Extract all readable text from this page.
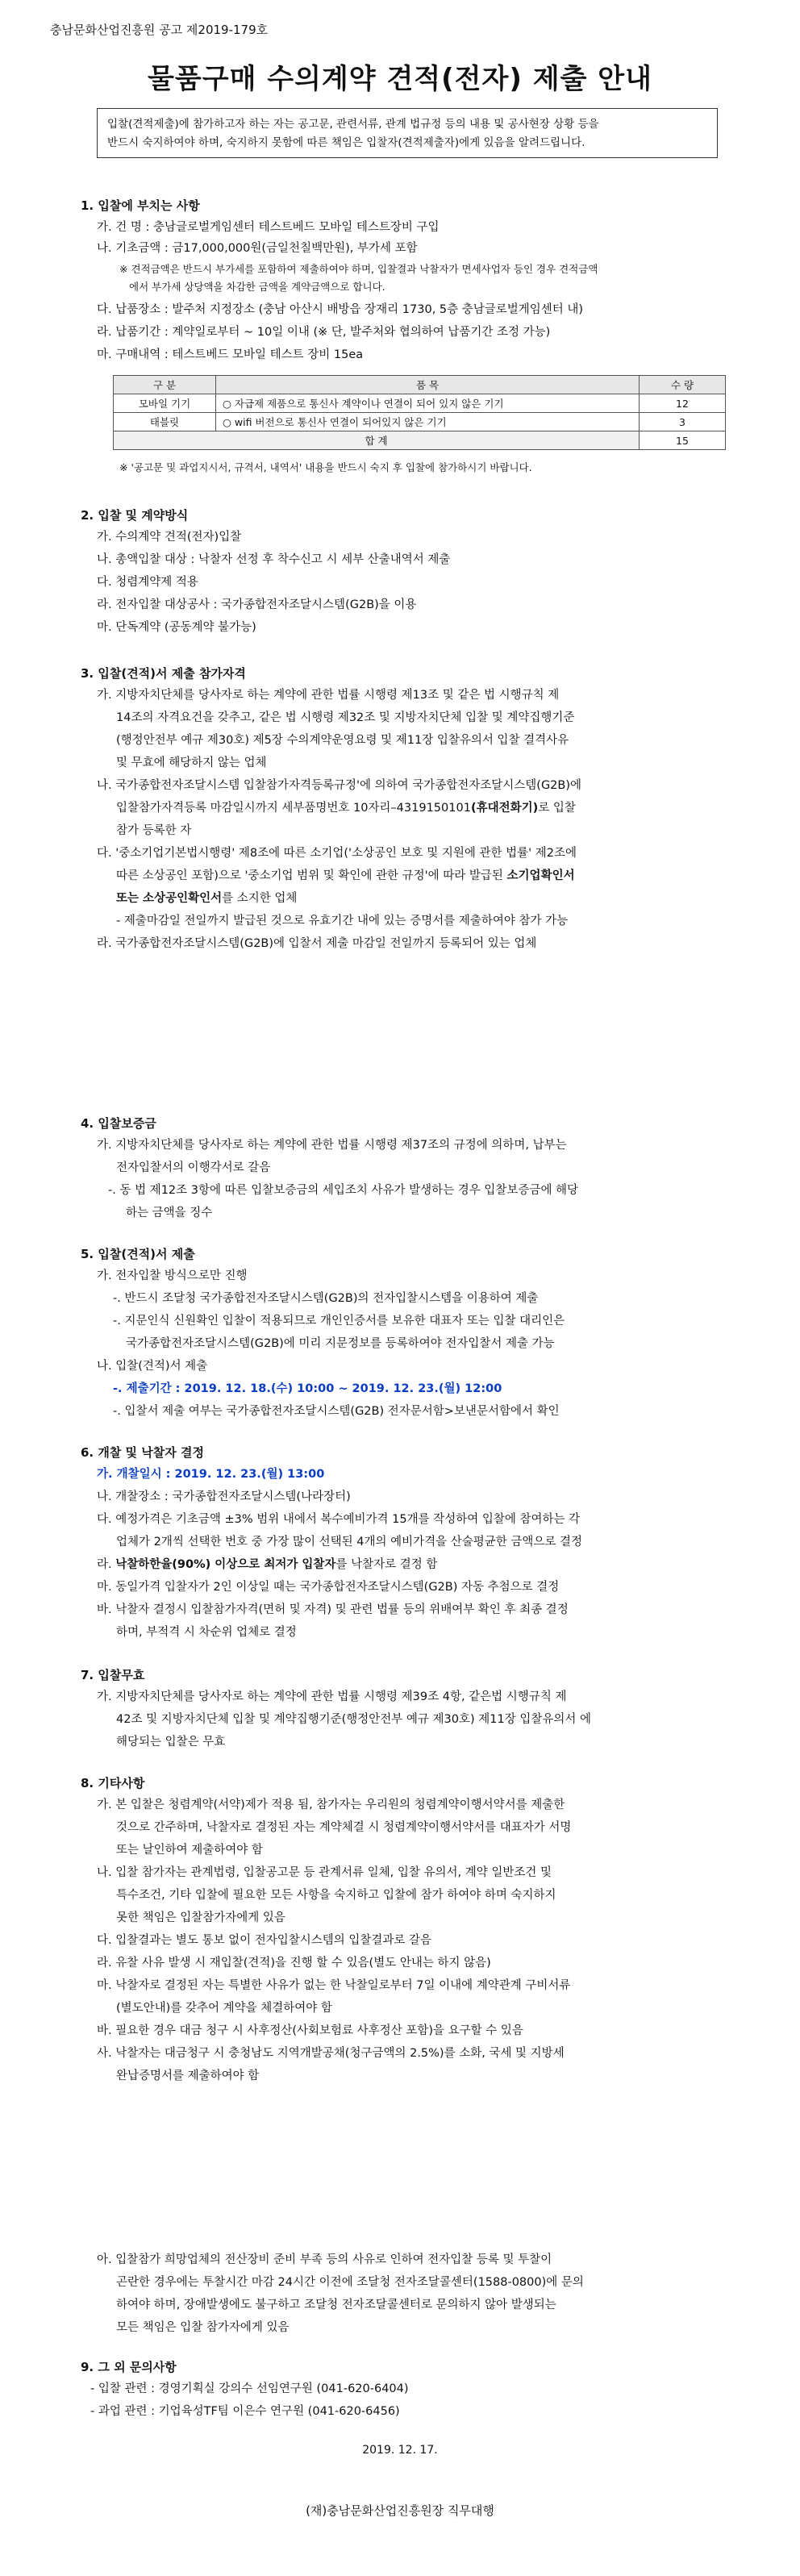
충남문화산업진흥원 공고 제2019-179호
물품구매 수의계약 견적(전자) 제출 안내
입찰(견적제출)에 참가하고자 하는 자는 공고문, 관련서류, 관계 법규정 등의 내용 및 공사현장 상황 등을
반드시 숙지하여야 하며, 숙지하지 못함에 따른 책임은 입찰자(견적제출자)에게 있음을 알려드립니다.
1. 입찰에 부치는 사항
가. 건 명 : 충남글로벌게임센터 테스트베드 모바일 테스트장비 구입
나. 기초금액 : 금17,000,000원(금일천칠백만원), 부가세 포함
※ 견적금액은 반드시 부가세를 포함하여 제출하여야 하며, 입찰결과 낙찰자가 면세사업자 등인 경우 견적금액
에서 부가세 상당액을 차감한 금액을 계약금액으로 합니다.
다. 납품장소 : 발주처 지정장소 (충남 아산시 배방읍 장재리 1730, 5층 충남글로벌게임센터 내)
라. 납품기간 : 계약일로부터 ~ 10일 이내 (※ 단, 발주처와 협의하여 납품기간 조정 가능)
마. 구매내역 : 테스트베드 모바일 테스트 장비 15ea
구 분	품 목	수 량
모바일 기기	○ 자급제 제품으로 통신사 계약이나 연결이 되어 있지 않은 기기	12
태블릿	○ wifi 버전으로 통신사 연결이 되어있지 않은 기기	3
합 계		15
※ '공고문 및 과업지시서, 규격서, 내역서' 내용을 반드시 숙지 후 입찰에 참가하시기 바랍니다.
2. 입찰 및 계약방식
가. 수의계약 견적(전자)입찰
나. 총액입찰 대상 : 낙찰자 선정 후 착수신고 시 세부 산출내역서 제출
다. 청렴계약제 적용
라. 전자입찰 대상공사 : 국가종합전자조달시스템(G2B)을 이용
마. 단독계약 (공동계약 불가능)
3. 입찰(견적)서 제출 참가자격
가. 지방자치단체를 당사자로 하는 계약에 관한 법률 시행령 제13조 및 같은 법 시행규칙 제
14조의 자격요건을 갖추고, 같은 법 시행령 제32조 및 지방자치단체 입찰 및 계약집행기준
(행정안전부 예규 제30호) 제5장 수의계약운영요령 및 제11장 입찰유의서 입찰 결격사유
및 무효에 해당하지 않는 업체
나. 국가종합전자조달시스템 입찰참가자격등록규정'에 의하여 국가종합전자조달시스템(G2B)에
입찰참가자격등록 마감일시까지 세부품명번호 10자리–4319150101(휴대전화기)로 입찰
참가 등록한 자
다. '중소기업기본법시행령' 제8조에 따른 소기업('소상공인 보호 및 지원에 관한 법률' 제2조에
따른 소상공인 포함)으로 '중소기업 범위 및 확인에 관한 규정'에 따라 발급된 소기업확인서
또는 소상공인확인서를 소지한 업체
- 제출마감일 전일까지 발급된 것으로 유효기간 내에 있는 증명서를 제출하여야 참가 가능
라. 국가종합전자조달시스템(G2B)에 입찰서 제출 마감일 전일까지 등록되어 있는 업체
4. 입찰보증금
가. 지방자치단체를 당사자로 하는 계약에 관한 법률 시행령 제37조의 규정에 의하며, 납부는
전자입찰서의 이행각서로 갈음
-. 동 법 제12조 3항에 따른 입찰보증금의 세입조치 사유가 발생하는 경우 입찰보증금에 해당
하는 금액을 징수
5. 입찰(견적)서 제출
가. 전자입찰 방식으로만 진행
-. 반드시 조달청 국가종합전자조달시스템(G2B)의 전자입찰시스템을 이용하여 제출
-. 지문인식 신원확인 입찰이 적용되므로 개인인증서를 보유한 대표자 또는 입찰 대리인은
국가종합전자조달시스템(G2B)에 미리 지문정보를 등록하여야 전자입찰서 제출 가능
나. 입찰(견적)서 제출
-. 제출기간 : 2019. 12. 18.(수) 10:00 ~ 2019. 12. 23.(월) 12:00
-. 입찰서 제출 여부는 국가종합전자조달시스템(G2B) 전자문서함>보낸문서함에서 확인
6. 개찰 및 낙찰자 결정
가. 개찰일시 : 2019. 12. 23.(월) 13:00
나. 개찰장소 : 국가종합전자조달시스템(나라장터)
다. 예정가격은 기초금액 ±3% 범위 내에서 복수예비가격 15개를 작성하여 입찰에 참여하는 각
업체가 2개씩 선택한 번호 중 가장 많이 선택된 4개의 예비가격을 산술평균한 금액으로 결정
라. 낙찰하한율(90%) 이상으로 최저가 입찰자를 낙찰자로 결정 함
마. 동일가격 입찰자가 2인 이상일 때는 국가종합전자조달시스템(G2B) 자동 추첨으로 결정
바. 낙찰자 결정시 입찰참가자격(면허 및 자격) 및 관련 법률 등의 위배여부 확인 후 최종 결정
하며, 부적격 시 차순위 업체로 결정
7. 입찰무효
가. 지방자치단체를 당사자로 하는 계약에 관한 법률 시행령 제39조 4항, 같은법 시행규칙 제
42조 및 지방자치단체 입찰 및 계약집행기준(행정안전부 예규 제30호) 제11장 입찰유의서 에
해당되는 입찰은 무효
8. 기타사항
가. 본 입찰은 청렴계약(서약)제가 적용 됨, 참가자는 우리원의 청렴계약이행서약서를 제출한
것으로 간주하며, 낙찰자로 결정된 자는 계약체결 시 청렴계약이행서약서를 대표자가 서명
또는 날인하여 제출하여야 함
나. 입찰 참가자는 관계법령, 입찰공고문 등 관계서류 일체, 입찰 유의서, 계약 일반조건 및
특수조건, 기타 입찰에 필요한 모든 사항을 숙지하고 입찰에 참가 하여야 하며 숙지하지
못한 책임은 입찰참가자에게 있음
다. 입찰결과는 별도 통보 없이 전자입찰시스템의 입찰결과로 갈음
라. 유찰 사유 발생 시 재입찰(견적)을 진행 할 수 있음(별도 안내는 하지 않음)
마. 낙찰자로 결정된 자는 특별한 사유가 없는 한 낙찰일로부터 7일 이내에 계약관계 구비서류
(별도안내)를 갖추어 계약을 체결하여야 함
바. 필요한 경우 대금 청구 시 사후정산(사회보험료 사후정산 포함)을 요구할 수 있음
사. 낙찰자는 대금청구 시 충청남도 지역개발공채(청구금액의 2.5%)를 소화, 국세 및 지방세
완납증명서를 제출하여야 함
아. 입찰참가 희망업체의 전산장비 준비 부족 등의 사유로 인하여 전자입찰 등록 및 투찰이
곤란한 경우에는 투찰시간 마감 24시간 이전에 조달청 전자조달콜센터(1588-0800)에 문의
하여야 하며, 장애발생에도 불구하고 조달청 전자조달콜센터로 문의하지 않아 발생되는
모든 책임은 입찰 참가자에게 있음
9. 그 외 문의사항
- 입찰 관련 : 경영기획실 강의수 선임연구원 (041-620-6404)
- 과업 관련 : 기업육성TF팀 이은수 연구원 (041-620-6456)
2019. 12. 17.
(재)충남문화산업진흥원장 직무대행
